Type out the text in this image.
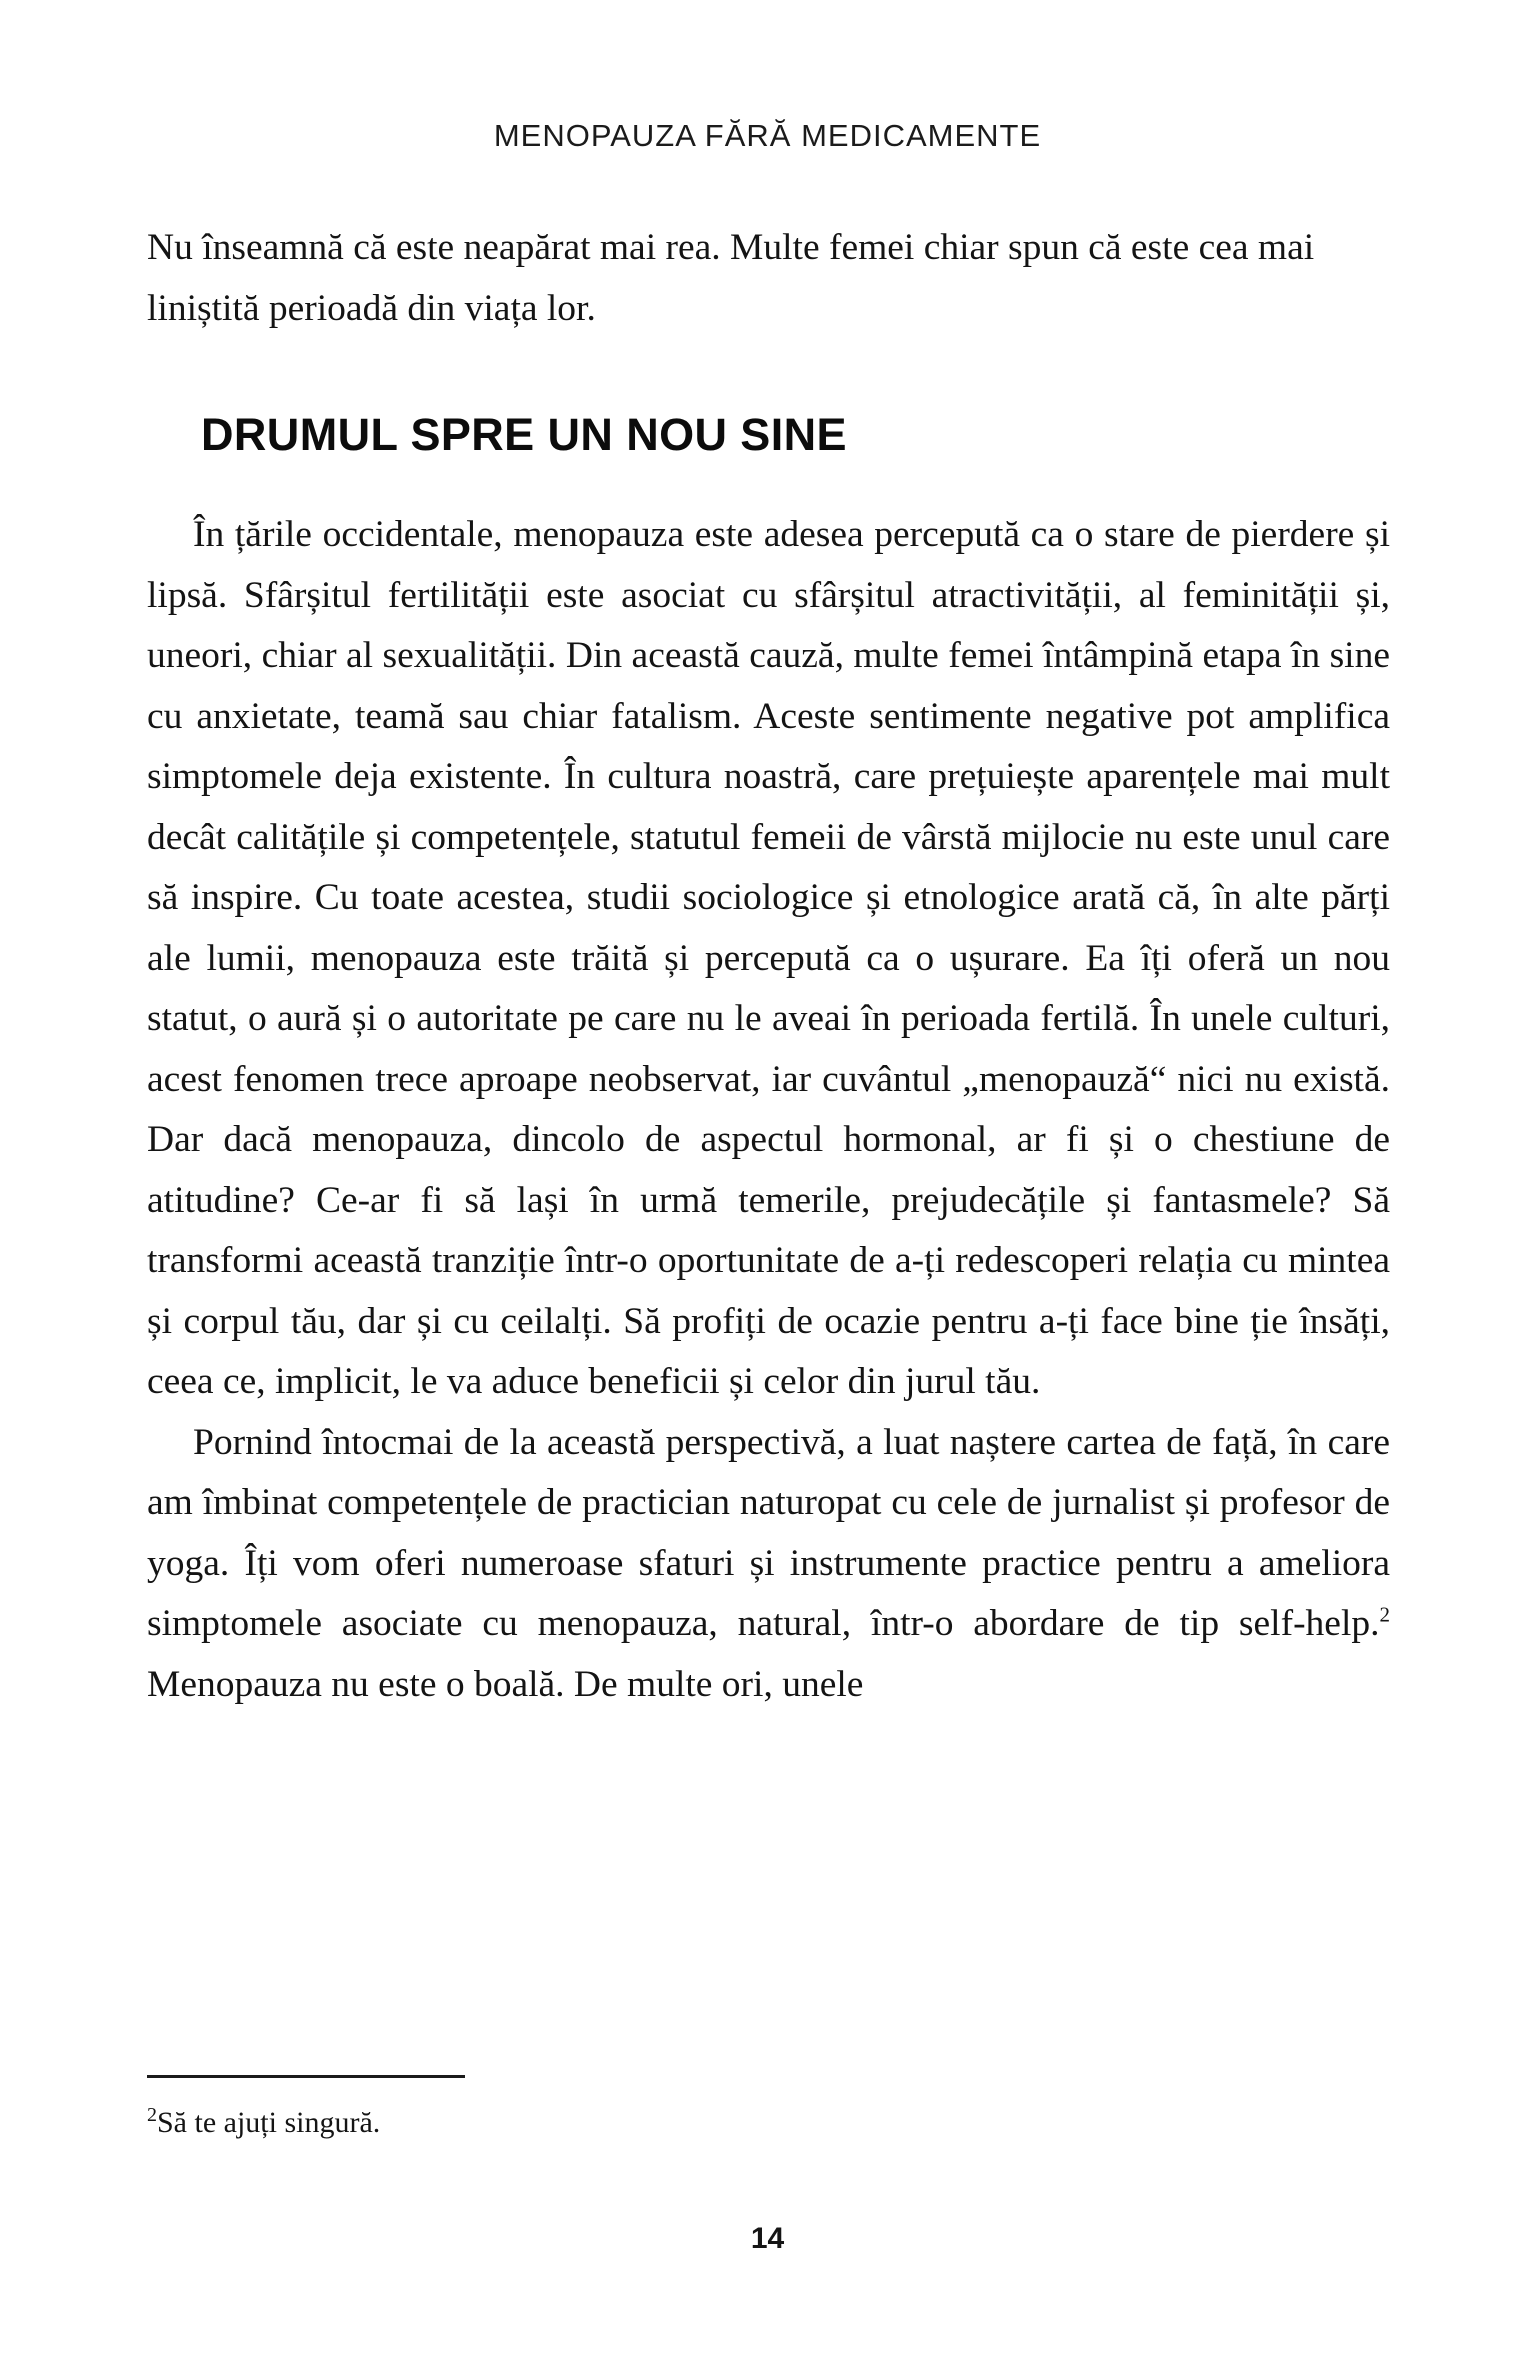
MENOPAUZA FĂRĂ MEDICAMENTE

Nu înseamnă că este neapărat mai rea. Multe femei chiar spun că este cea mai liniștită perioadă din viața lor.

DRUMUL SPRE UN NOU SINE

În țările occidentale, menopauza este adesea percepută ca o stare de pierdere și lipsă. Sfârșitul fertilității este asociat cu sfârșitul atractivității, al feminității și, uneori, chiar al sexualității. Din această cauză, multe femei întâmpină etapa în sine cu anxietate, teamă sau chiar fatalism. Aceste sentimente negative pot amplifica simptomele deja existente. În cultura noastră, care prețuiește aparențele mai mult decât calitățile și competențele, statutul femeii de vârstă mijlocie nu este unul care să inspire. Cu toate acestea, studii sociologice și etnologice arată că, în alte părți ale lumii, menopauza este trăită și percepută ca o ușurare. Ea îți oferă un nou statut, o aură și o autoritate pe care nu le aveai în perioada fertilă. În unele culturi, acest fenomen trece aproape neobservat, iar cuvântul „menopauză“ nici nu există. Dar dacă menopauza, dincolo de aspectul hormonal, ar fi și o chestiune de atitudine? Ce-ar fi să lași în urmă temerile, prejudecățile și fantasmele? Să transformi această tranziție într-o oportunitate de a-ți redescoperi relația cu mintea și corpul tău, dar și cu ceilalți. Să profiți de ocazie pentru a-ți face bine ție însăți, ceea ce, implicit, le va aduce beneficii și celor din jurul tău.

Pornind întocmai de la această perspectivă, a luat naștere cartea de față, în care am îmbinat competențele de practician naturopat cu cele de jurnalist și profesor de yoga. Îți vom oferi numeroase sfaturi și instrumente practice pentru a ameliora simptomele asociate cu menopauza, natural, într-o abordare de tip self-help.$^2$ Menopauza nu este o boală. De multe ori, unele

$^2$Să te ajuți singură.
14
